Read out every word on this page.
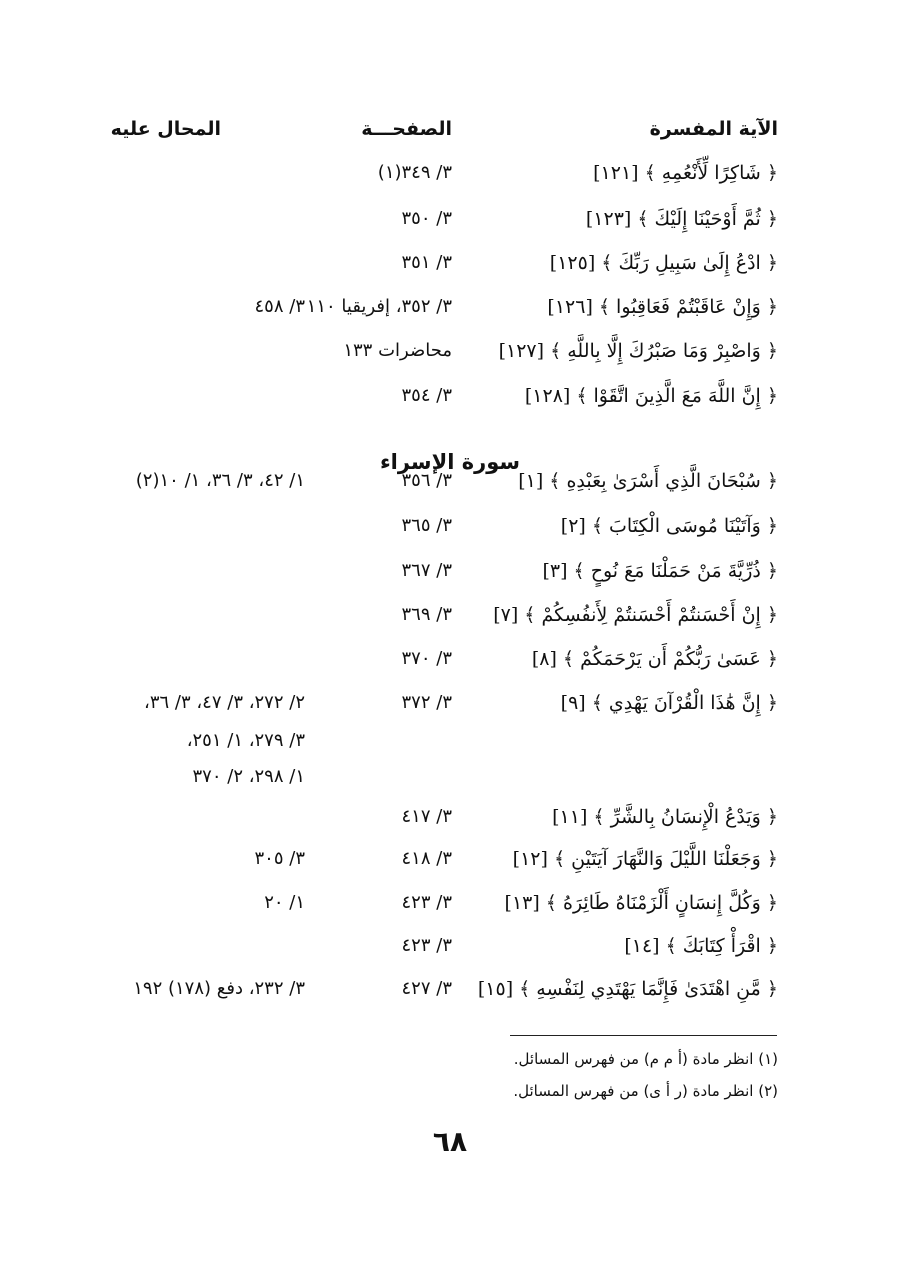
الآية المفسرة
الصفحـــة
المحال عليه
﴿ شَاكِرًا لِّأَنْعُمِهِ ﴾ [١٢١]
٣/ ٣٤٩(١)
﴿ ثُمَّ أَوْحَيْنَا إِلَيْكَ ﴾ [١٢٣]
٣/ ٣٥٠
﴿ ادْعُ إِلَىٰ سَبِيلِ رَبِّكَ ﴾ [١٢٥]
٣/ ٣٥١
﴿ وَإِنْ عَاقَبْتُمْ فَعَاقِبُوا ﴾ [١٢٦]
٣/ ٣٥٢، إفريقيا ١١٠
٣/ ٤٥٨
﴿ وَاصْبِرْ وَمَا صَبْرُكَ إِلَّا بِاللَّهِ ﴾ [١٢٧]
محاضرات ١٣٣
﴿ إِنَّ اللَّهَ مَعَ الَّذِينَ اتَّقَوْا ﴾ [١٢٨]
٣/ ٣٥٤
سورة الإسراء
﴿ سُبْحَانَ الَّذِي أَسْرَىٰ بِعَبْدِهِ ﴾ [١]
٣/ ٣٥٦
١/ ٤٢، ٣/ ٣٦، ١/ ١٠(٢)
﴿ وَآتَيْنَا مُوسَى الْكِتَابَ ﴾ [٢]
٣/ ٣٦٥
﴿ ذُرِّيَّةَ مَنْ حَمَلْنَا مَعَ نُوحٍ ﴾ [٣]
٣/ ٣٦٧
﴿ إِنْ أَحْسَنتُمْ أَحْسَنتُمْ لِأَنفُسِكُمْ ﴾ [٧]
٣/ ٣٦٩
﴿ عَسَىٰ رَبُّكُمْ أَن يَرْحَمَكُمْ ﴾ [٨]
٣/ ٣٧٠
﴿ إِنَّ هَٰذَا الْقُرْآنَ يَهْدِي ﴾ [٩]
٣/ ٣٧٢
٢/ ٢٧٢، ٣/ ٤٧، ٣/ ٣٦،
٣/ ٢٧٩، ١/ ٢٥١،
١/ ٢٩٨، ٢/ ٣٧٠
﴿ وَيَدْعُ الْإِنسَانُ بِالشَّرِّ ﴾ [١١]
٣/ ٤١٧
﴿ وَجَعَلْنَا اللَّيْلَ وَالنَّهَارَ آيَتَيْنِ ﴾ [١٢]
٣/ ٤١٨
٣/ ٣٠٥
﴿ وَكُلَّ إِنسَانٍ أَلْزَمْنَاهُ طَائِرَهُ ﴾ [١٣]
٣/ ٤٢٣
١/ ٢٠
﴿ اقْرَأْ كِتَابَكَ ﴾ [١٤]
٣/ ٤٢٣
﴿ مَّنِ اهْتَدَىٰ فَإِنَّمَا يَهْتَدِي لِنَفْسِهِ ﴾ [١٥]
٣/ ٤٢٧
٣/ ٢٣٢، دفع (١٧٨) ١٩٢
(١) انظر مادة (أ م م) من فهرس المسائل.
(٢) انظر مادة (ر أ ى) من فهرس المسائل.
٦٨
